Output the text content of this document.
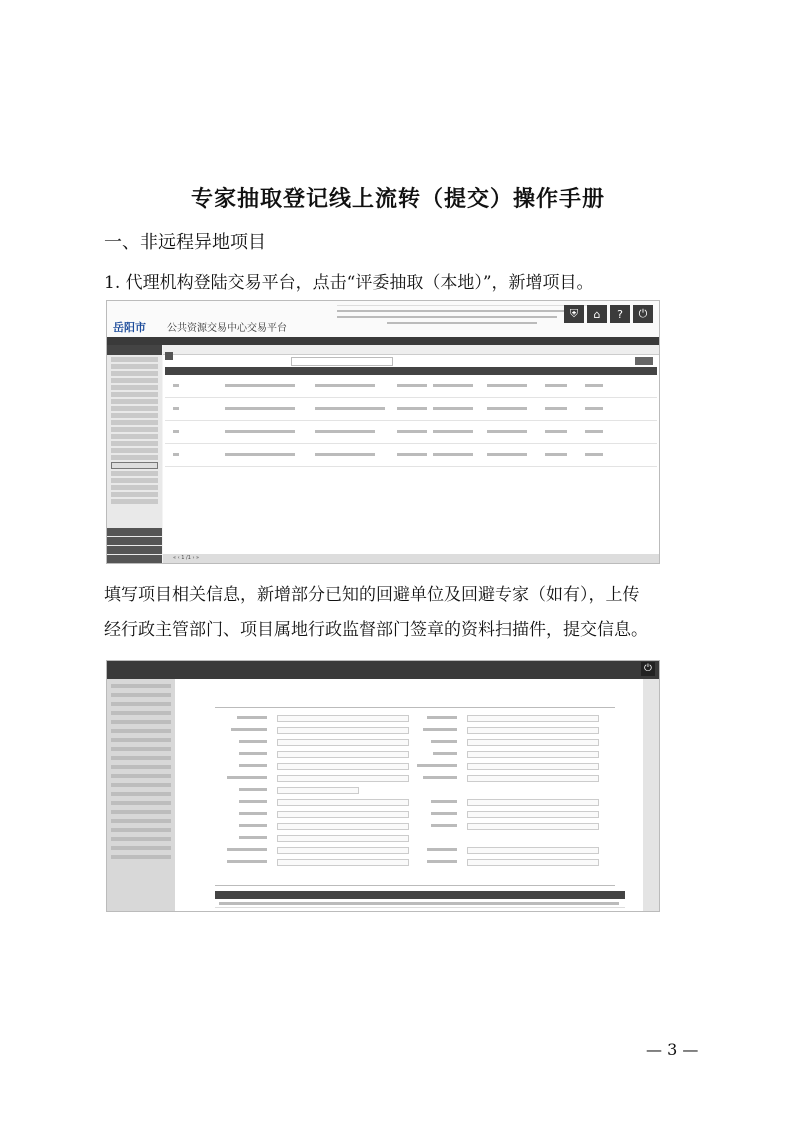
专家抽取登记线上流转（提交）操作手册
一、非远程异地项目
1. 代理机构登陆交易平台，点击“评委抽取（本地）”，新增项目。
岳阳市 公共资源交易中心交易平台
⛨	⌂	?	⏻
« ‹ 1 /1 › »
填写项目相关信息，新增部分已知的回避单位及回避专家（如有），上传
经行政主管部门、项目属地行政监督部门签章的资料扫描件，提交信息。
⏻
— 3 —
